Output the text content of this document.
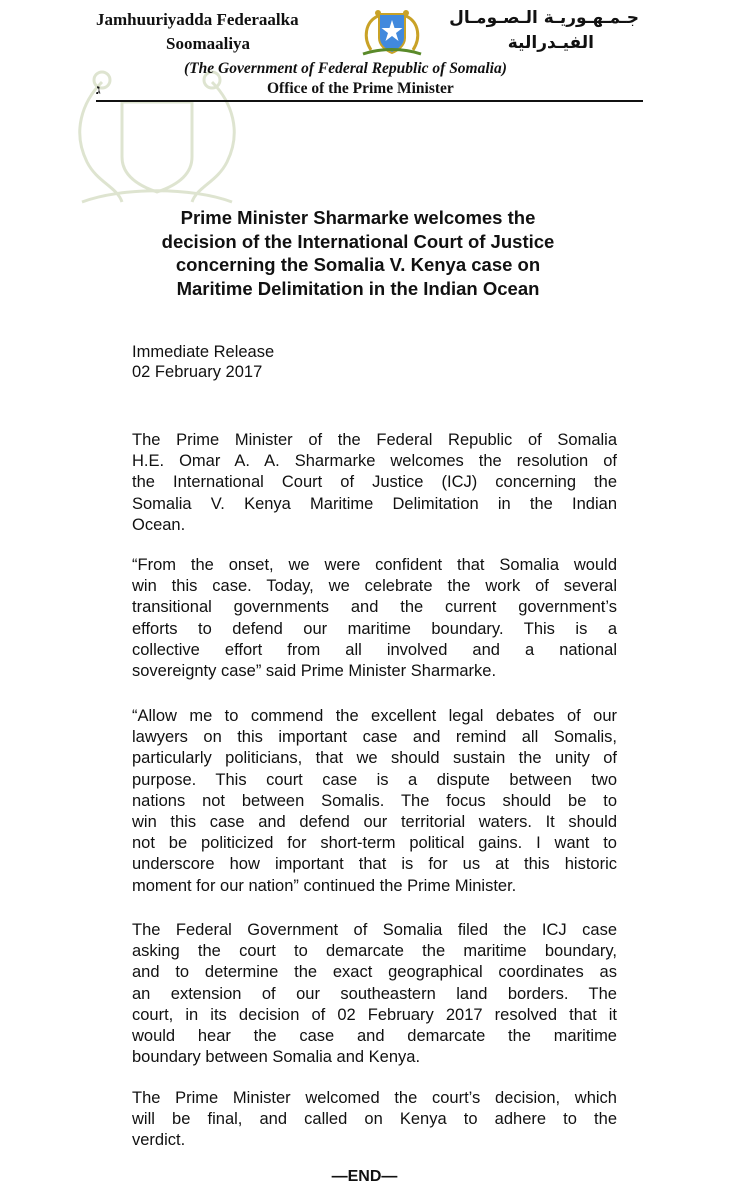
Jamhuuriyadda Federaalka
Soomaaliya
جـمـهـوريـة الـصـومـال
الفيـدرالية
(The Government of Federal Republic of Somalia)
Office of the Prime Minister
ג
Prime Minister Sharmarke welcomes the
decision of the International Court of Justice
concerning the Somalia V. Kenya case on
Maritime Delimitation in the Indian Ocean
Immediate Release
02 February 2017
The Prime Minister of the Federal Republic of Somalia
H.E. Omar A. A. Sharmarke welcomes the resolution of
the International Court of Justice (ICJ) concerning the
Somalia V. Kenya Maritime Delimitation in the Indian
Ocean.
“From the onset, we were confident that Somalia would
win this case. Today, we celebrate the work of several
transitional governments and the current government’s
efforts to defend our maritime boundary. This is a
collective effort from all involved and a national
sovereignty case” said Prime Minister Sharmarke.
“Allow me to commend the excellent legal debates of our
lawyers on this important case and remind all Somalis,
particularly politicians, that we should sustain the unity of
purpose. This court case is a dispute between two
nations not between Somalis. The focus should be to
win this case and defend our territorial waters. It should
not be politicized for short-term political gains. I want to
underscore how important that is for us at this historic
moment for our nation” continued the Prime Minister.
The Federal Government of Somalia filed the ICJ case
asking the court to demarcate the maritime boundary,
and to determine the exact geographical coordinates as
an extension of our southeastern land borders. The
court, in its decision of 02 February 2017 resolved that it
would hear the case and demarcate the maritime
boundary between Somalia and Kenya.
The Prime Minister welcomed the court’s decision, which
will be final, and called on Kenya to adhere to the
verdict.
—END—
